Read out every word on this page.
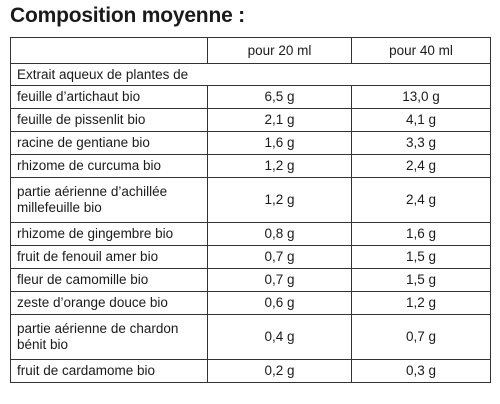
Composition moyenne :
	pour 20 ml	pour 40 ml
Extrait aqueux de plantes de		
feuille d’artichaut bio	6,5 g	13,0 g
feuille de pissenlit bio	2,1 g	4,1 g
racine de gentiane bio	1,6 g	3,3 g
rhizome de curcuma bio	1,2 g	2,4 g
partie aérienne d’achillée millefeuille bio	1,2 g	2,4 g
rhizome de gingembre bio	0,8 g	1,6 g
fruit de fenouil amer bio	0,7 g	1,5 g
fleur de camomille bio	0,7 g	1,5 g
zeste d’orange douce bio	0,6 g	1,2 g
partie aérienne de chardon bénit bio	0,4 g	0,7 g
fruit de cardamome bio	0,2 g	0,3 g
